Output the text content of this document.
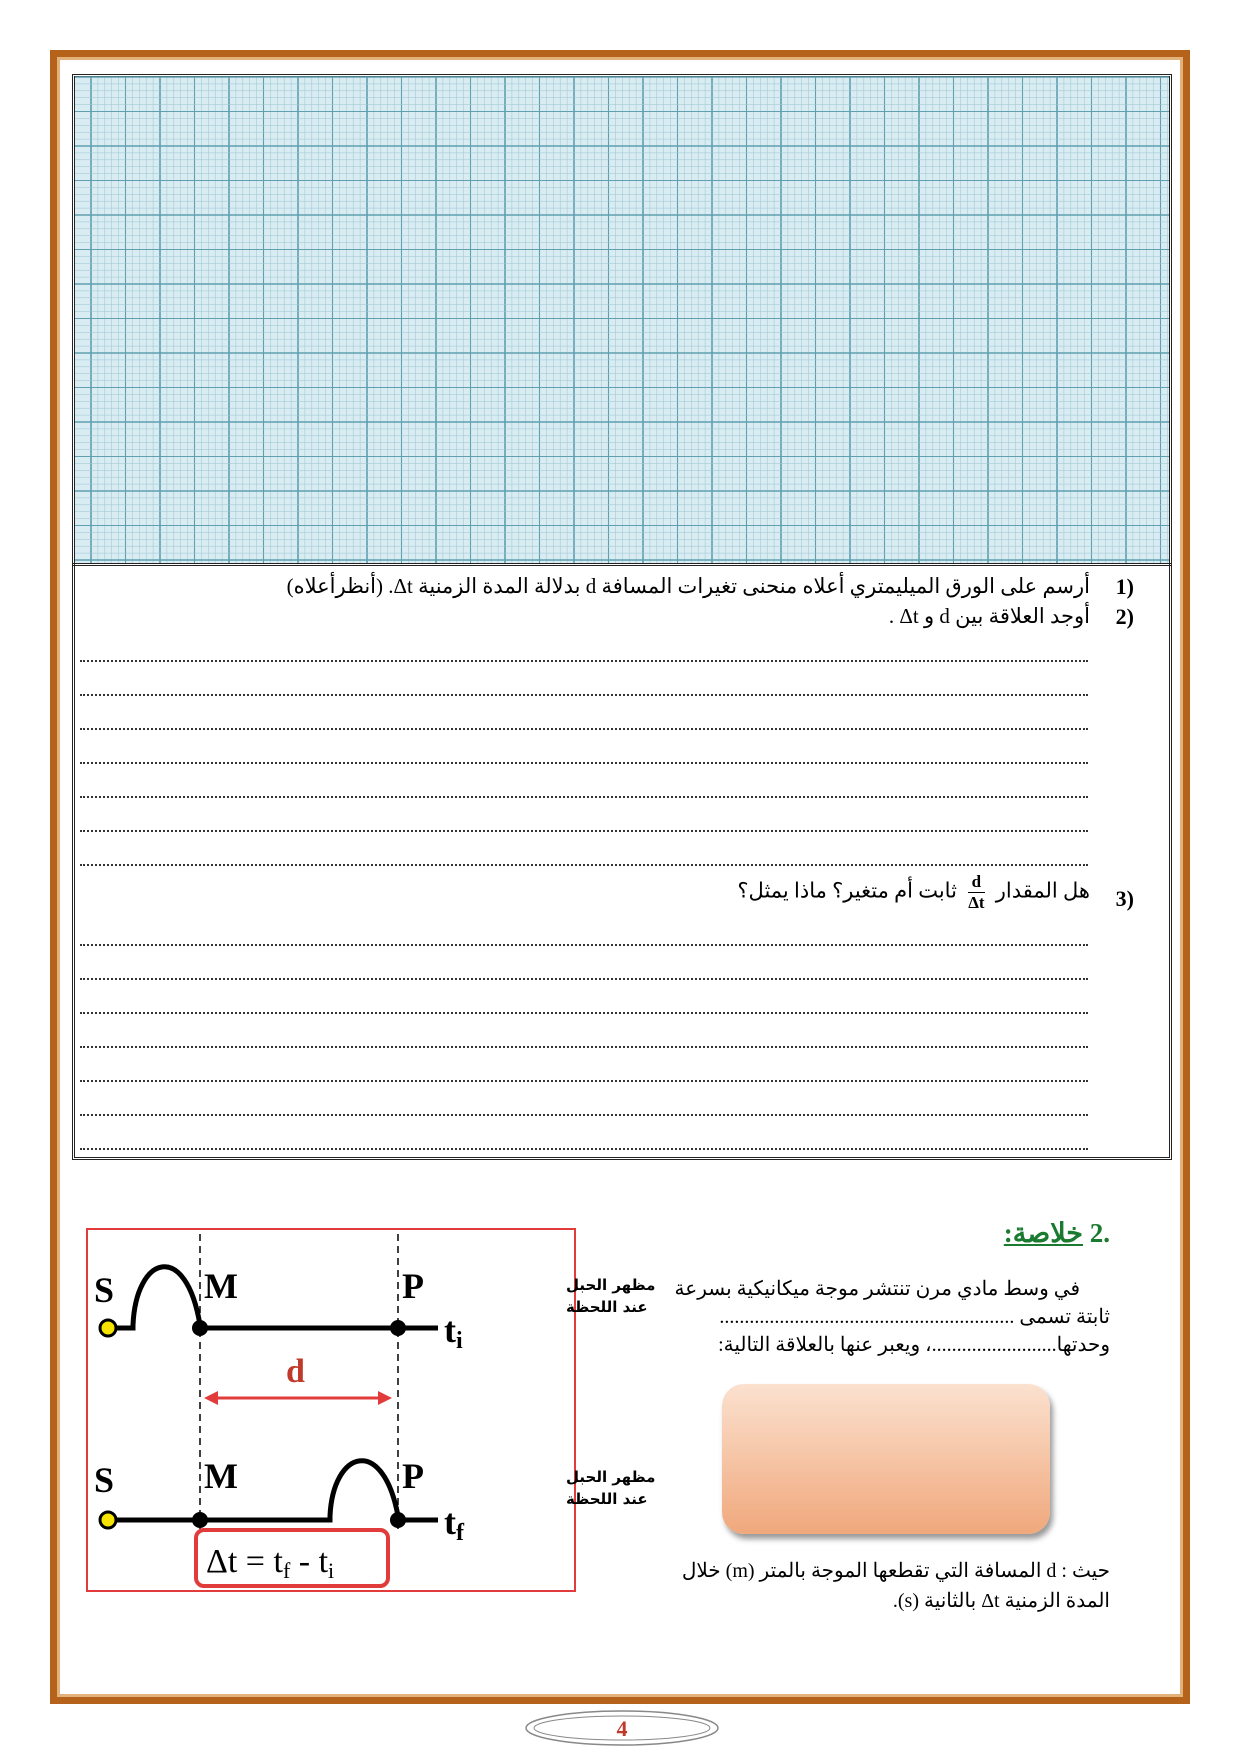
1)
أرسم على الورق الميليمتري أعلاه منحنى تغيرات المسافة d بدلالة المدة الزمنية Δt. (أنظرأعلاه)
2)
أوجد العلاقة بين d و Δt .
3)
هل المقدار
$\frac{d}{\Delta t}$
ثابت أم متغير؟ ماذا يمثل؟
.2 خلاصة:
في وسط مادي مرن تنتشر موجة ميكانيكية بسرعة
ثابتة تسمى ...........................................................
وحدتها.........................، ويعبر عنها بالعلاقة التالية:
حيث : d المسافة التي تقطعها الموجة بالمتر (m) خلال
المدة الزمنية Δt بالثانية (s).
S M	P
ti
مظهر الحبل
عند اللحظة
d
S M	P
tf
مظهر الحبل
عند اللحظة
Δt = tf - ti
4
